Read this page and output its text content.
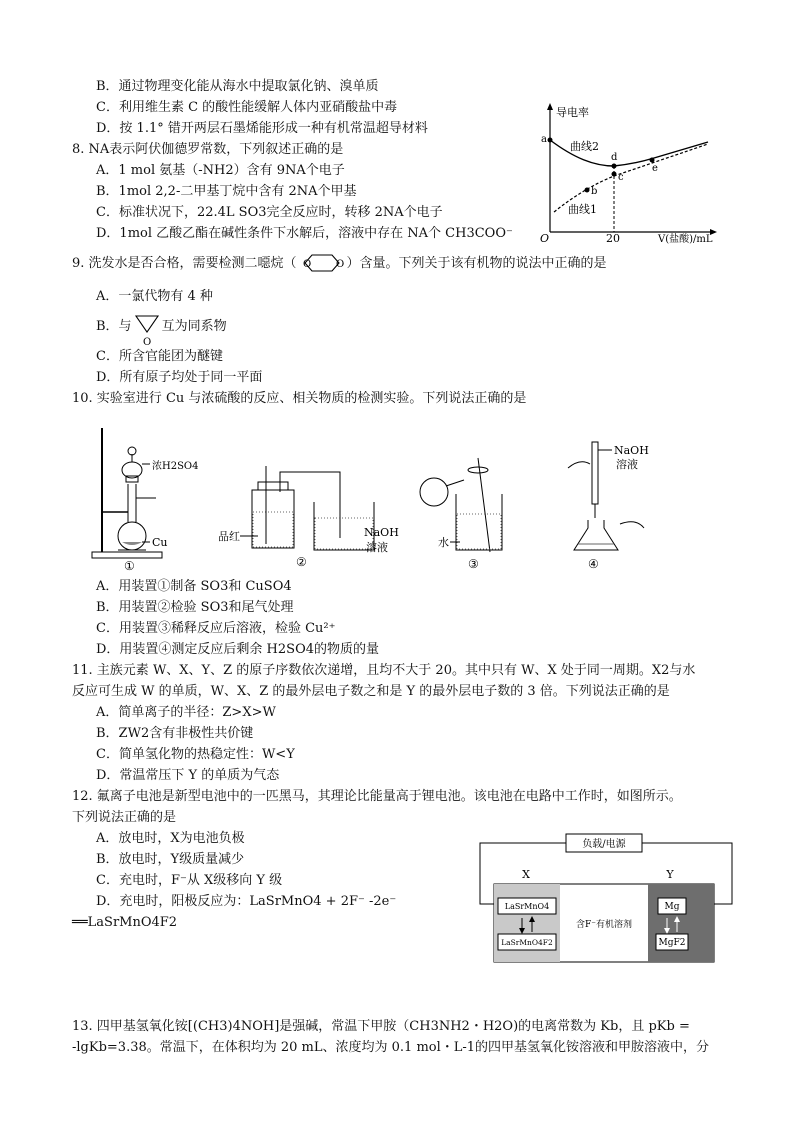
B．通过物理变化能从海水中提取氯化钠、溴单质
C．利用维生素 C 的酸性能缓解人体内亚硝酸盐中毒
D．按 1.1° 错开两层石墨烯能形成一种有机常温超导材料
8. NA表示阿伏伽德罗常数，下列叙述正确的是
A．1 mol 氨基（-NH2）含有 9NA个电子
B．1mol 2,2-二甲基丁烷中含有 2NA个甲基
C．标准状况下，22.4L SO3完全反应时，转移 2NA个电子
D．1mol 乙酸乙酯在碱性条件下水解后，溶液中存在 NA个 CH3COO⁻
导电率
曲线2
曲线1
O	20	V(盐酸)/mL
a
b
c
d
e
9. 洗发水是否合格，需要检测二噁烷（ O O ）含量。下列关于该有机物的说法中正确的是
A．一氯代物有 4 种
B．与
O
互为同系物
C．所含官能团为醚键
D．所有原子均处于同一平面
10. 实验室进行 Cu 与浓硫酸的反应、相关物质的检测实验。下列说法正确的是
浓H2SO4
Cu
①
品红	NaOH
溶液
②
水
③
NaOH
溶液
④
A．用装置①制备 SO3和 CuSO4
B．用装置②检验 SO3和尾气处理
C．用装置③稀释反应后溶液，检验 Cu²⁺
D．用装置④测定反应后剩余 H2SO4的物质的量
11. 主族元素 W、X、Y、Z 的原子序数依次递增，且均不大于 20。其中只有 W、X 处于同一周期。X2与水
反应可生成 W 的单质，W、X、Z 的最外层电子数之和是 Y 的最外层电子数的 3 倍。下列说法正确的是
A．简单离子的半径：Z>X>W
B．ZW2含有非极性共价键
C．简单氢化物的热稳定性：W<Y
D．常温常压下 Y 的单质为气态
12. 氟离子电池是新型电池中的一匹黑马，其理论比能量高于锂电池。该电池在电路中工作时，如图所示。
下列说法正确的是
A．放电时，X为电池负极
B．放电时，Y级质量减少
C．充电时，F⁻从 X级移向 Y 级
D．充电时，阳极反应为：LaSrMnO4 + 2F⁻ -2e⁻
══LaSrMnO4F2
负载/电源
X	Y
LaSrMnO4
LaSrMnO4F2
含F⁻有机溶剂
Mg
MgF2
13. 四甲基氢氧化铵[(CH3)4NOH]是强碱，常温下甲胺（CH3NH2・H2O)的电离常数为 Kb，且 pKb =
-lgKb=3.38。常温下，在体积均为 20 mL、浓度均为 0.1 mol・L-1的四甲基氢氧化铵溶液和甲胺溶液中，分
